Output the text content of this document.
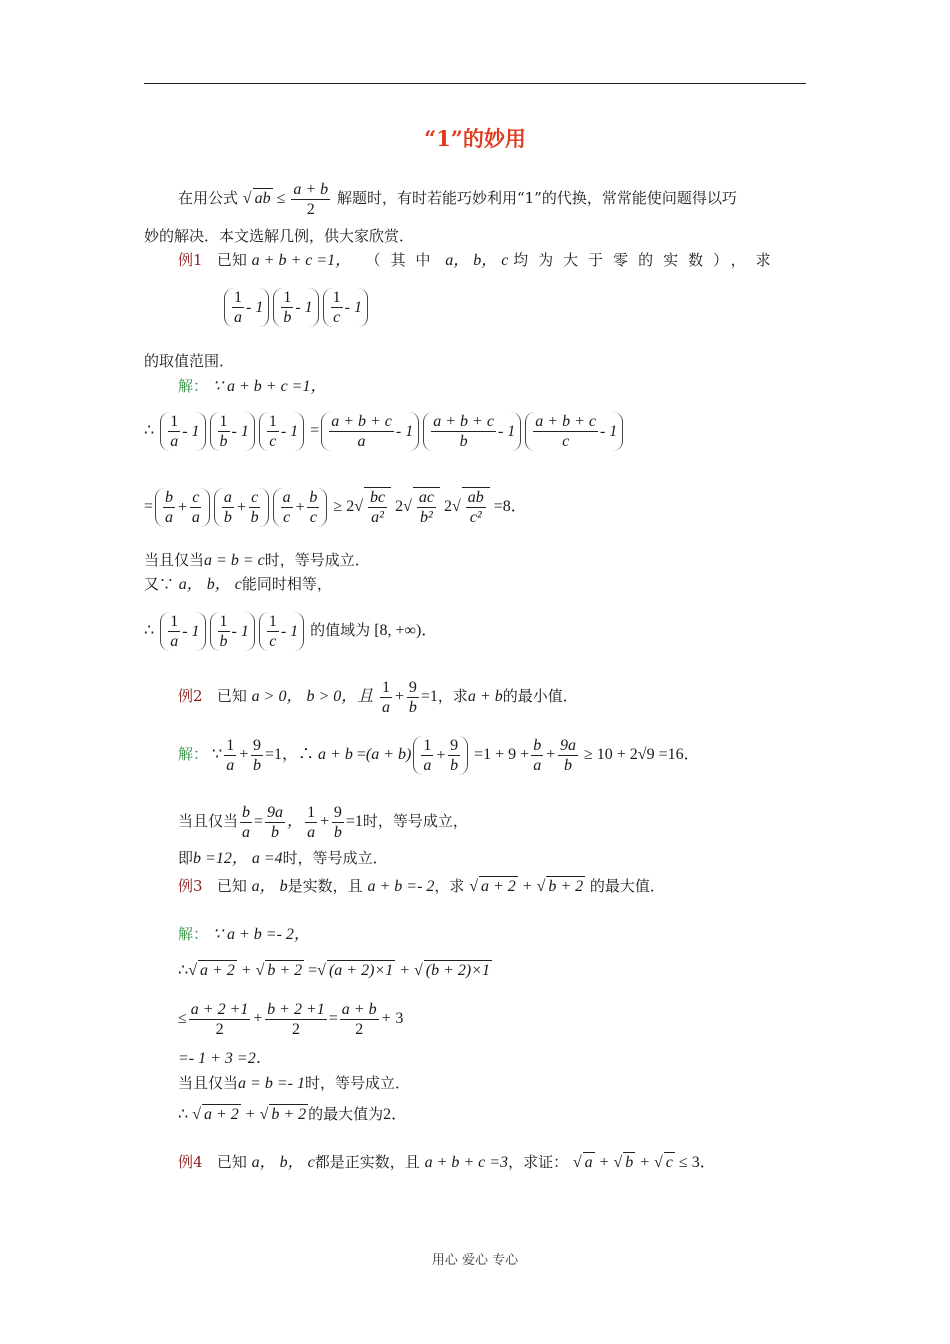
“1”的妙用
在用公式 √ ab ≤ $\frac{a + b}{2}$ 解题时，有时若能巧妙利用“1”的代换，常常能使问题得以巧
妙的解决．本文选解几例，供大家欣赏．
例1 已知 a + b + c =1， （其中 a， b， c 均为大于零的实数），求
$\frac{1}{a} - 1 \frac{1}{b} - 1 \frac{1}{c} - 1$
的取值范围．
解： ∵ a + b + c =1，
∴ $\frac{1}{a} - 1 \frac{1}{b} - 1 \frac{1}{c} - 1 = \frac{a + b + c}{a} - 1 \frac{a + b + c}{b} - 1 \frac{a + b + c}{c} - 1$
= $\frac{b}{a} + \frac{c}{a} \frac{a}{b} + \frac{c}{b} \frac{a}{c} + \frac{b}{c} \ge 2√ \frac{bc}{\text{a²}} 2√ \frac{ac}{\text{b²}} 2√ \frac{ab}{\text{c²}} =8$．
当且仅当a = b = c时，等号成立．
又∵ a， b， c能同时相等，
∴ $\frac{1}{a} - 1 \frac{1}{b} - 1 \frac{1}{c} - 1$ 的值域为 [8, +∞)．
例2 已知 a > 0， b > 0，且 $\frac{1}{a} + \frac{9}{b} =1$，求a + b的最小值．
解： ∵ $\frac{1}{a} + \frac{9}{b} =1$，∴ $a + b =(a + b) \frac{1}{a} + \frac{9}{b} =1 + 9 + \frac{b}{a} + \frac{9a}{b} \ge 10 + 2√9 =16$．
当且仅当 $\frac{b}{a} = \frac{9a}{b}$ ， $\frac{1}{a} + \frac{9}{b} =1$时，等号成立，
即b =12， a =4时，等号成立．
例3 已知 a， b是实数，且 a + b =- 2，求 √ a + 2 + √ b + 2 的最大值．
解： ∵ a + b =- 2，
∴√ a + 2 + √ b + 2 =√ (a + 2)×1 + √ (b + 2)×1
≤ $\frac{a + 2 +1}{2} + \frac{b + 2 +1}{2} = \frac{a + b}{2} + 3$
=- 1 + 3 =2．
当且仅当a = b =- 1时，等号成立．
∴ √ a + 2 + √ b + 2 的最大值为2．
例4 已知 a， b， c都是正实数，且 a + b + c =3，求证： √ a + √ b + √ c ≤ 3．
用心 爱心 专心
